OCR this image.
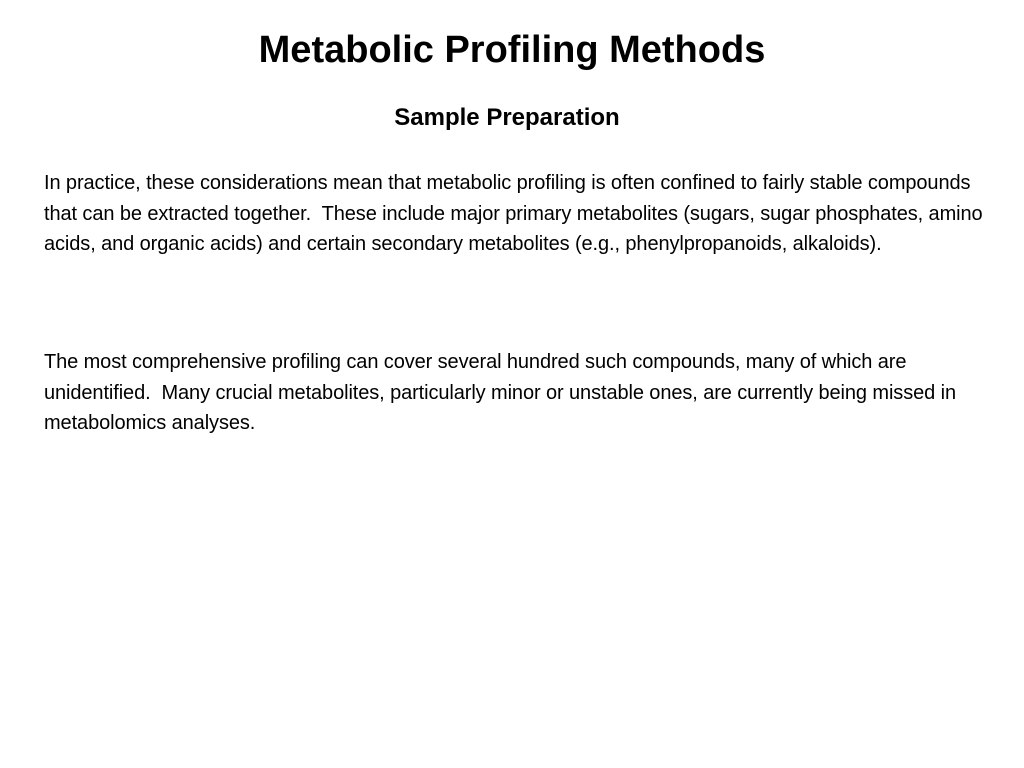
Metabolic Profiling Methods
Sample Preparation

In practice, these considerations mean that metabolic profiling is often confined to fairly stable compounds that can be extracted together.  These include major primary metabolites (sugars, sugar phosphates, amino acids, and organic acids) and certain secondary metabolites (e.g., phenylpropanoids, alkaloids).

The most comprehensive profiling can cover several hundred such compounds, many of which are unidentified.  Many crucial metabolites, particularly minor or unstable ones, are currently being missed in metabolomics analyses.
